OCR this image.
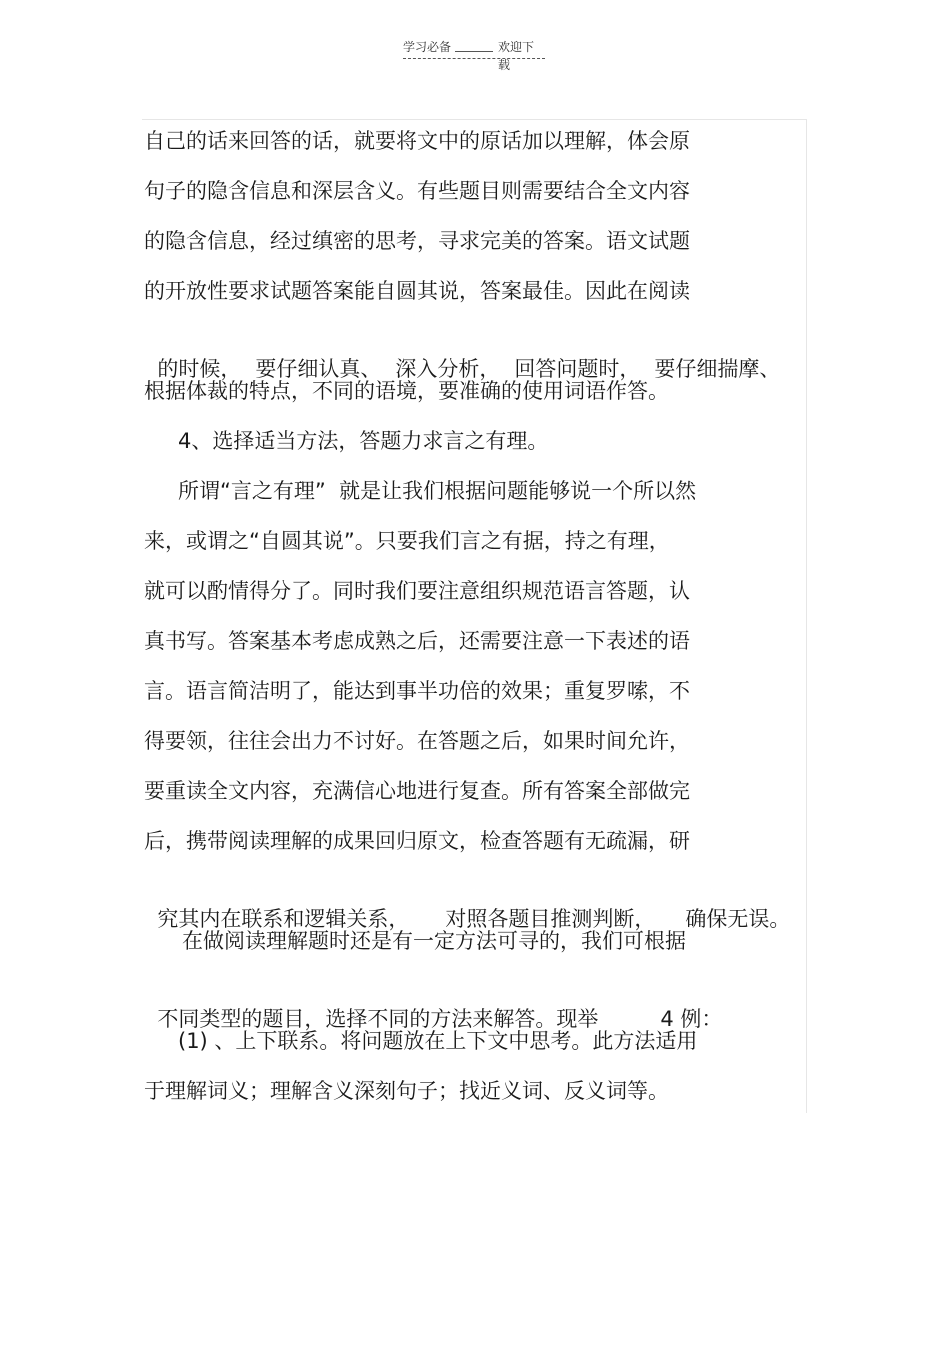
学习必备	欢迎下载
自己的话来回答的话，就要将文中的原话加以理解，体会原
句子的隐含信息和深层含义。有些题目则需要结合全文内容
的隐含信息，经过缜密的思考，寻求完美的答案。语文试题
的开放性要求试题答案能自圆其说，答案最佳。因此在阅读

的时候， 要仔细认真、 深入分析， 回答问题时， 要仔细揣摩、

根据体裁的特点，不同的语境，要准确的使用词语作答。
4、选择适当方法，答题力求言之有理。
所谓“言之有理”  就是让我们根据问题能够说一个所以然
来，或谓之“自圆其说”。只要我们言之有据，持之有理，
就可以酌情得分了。同时我们要注意组织规范语言答题，认
真书写。答案基本考虑成熟之后，还需要注意一下表述的语
言。语言简洁明了，能达到事半功倍的效果；重复罗嗦，不
得要领，往往会出力不讨好。在答题之后，如果时间允许，
要重读全文内容，充满信心地进行复查。所有答案全部做完
后，携带阅读理解的成果回归原文，检查答题有无疏漏，研

究其内在联系和逻辑关系， 对照各题目推测判断， 确保无误。

在做阅读理解题时还是有一定方法可寻的，我们可根据

不同类型的题目，选择不同的方法来解答。现举	4 例：

(1) 、上下联系。将问题放在上下文中思考。此方法适用
于理解词义；理解含义深刻句子；找近义词、反义词等。
